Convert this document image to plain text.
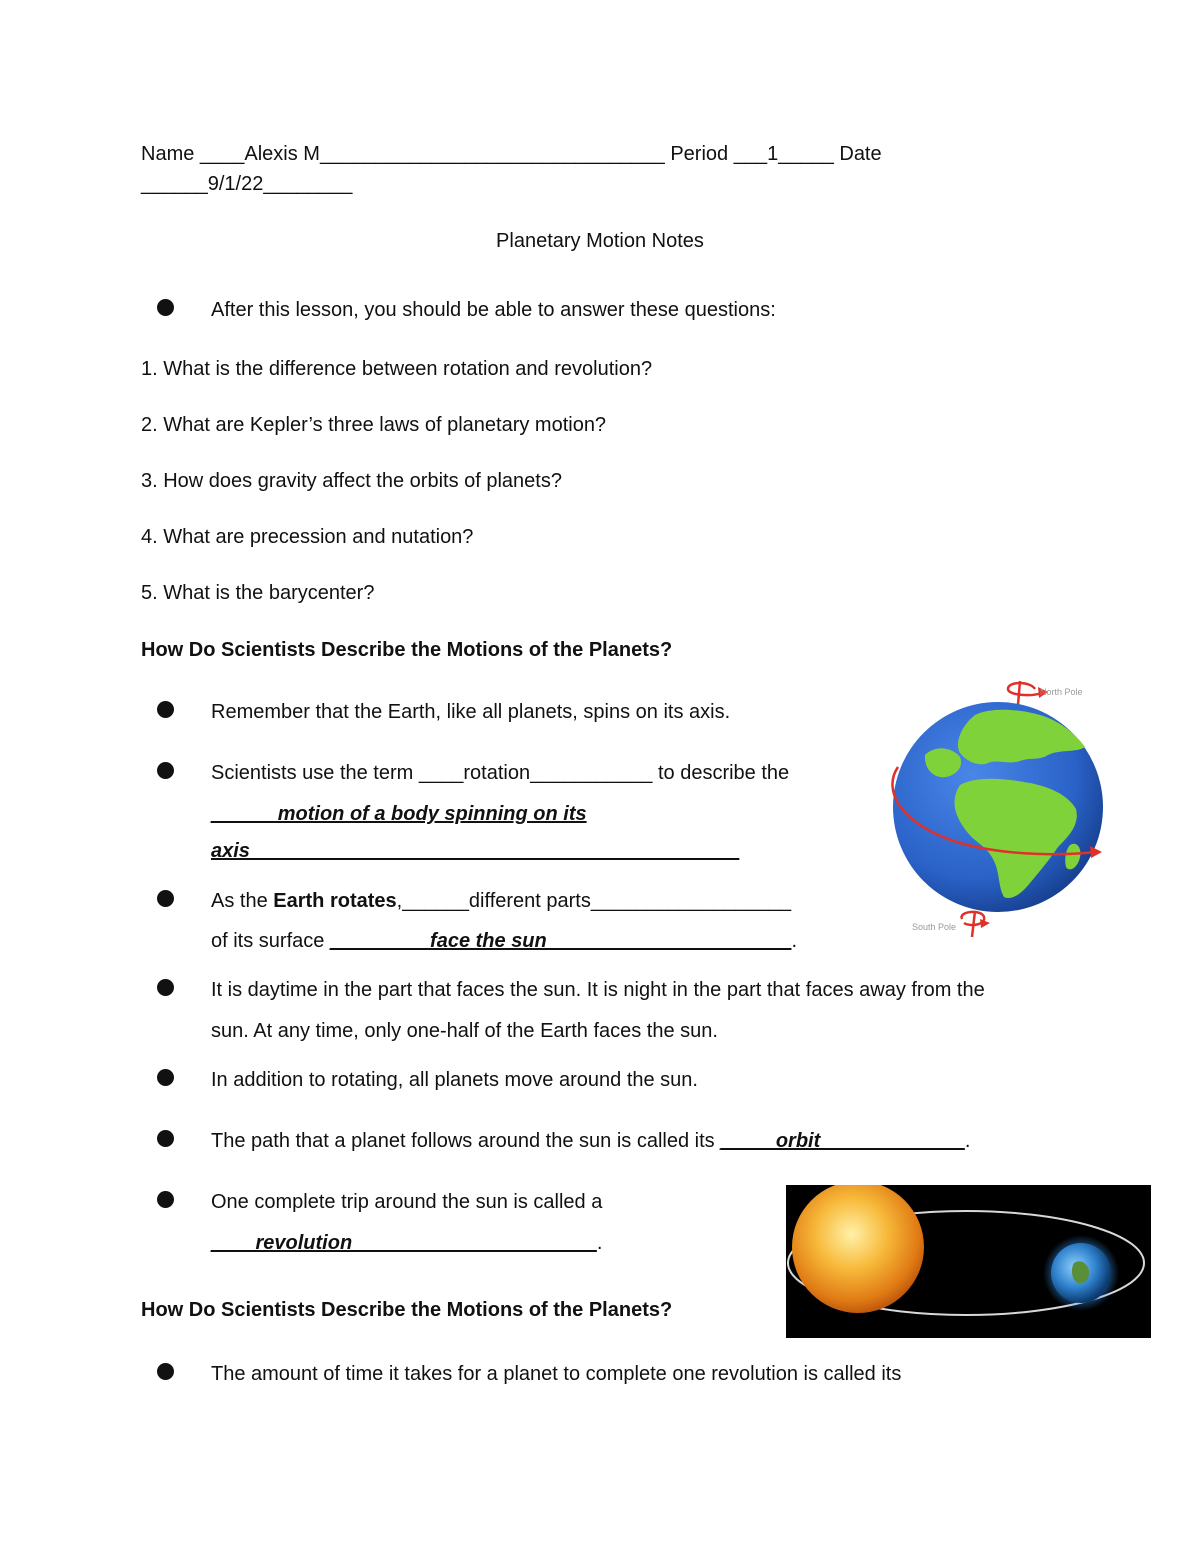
Name ____Alexis M_______________________________ Period ___1_____ Date
______9/1/22________
Planetary Motion Notes
After this lesson, you should be able to answer these questions:
1. What is the difference between rotation and revolution?
2. What are Kepler’s three laws of planetary motion?
3. How does gravity affect the orbits of planets?
4. What are precession and nutation?
5. What is the barycenter?
How Do Scientists Describe the Motions of the Planets?
Remember that the Earth, like all planets, spins on its axis.
Scientists use the term ____rotation___________ to describe the
______motion of a body spinning on its
axis____________________________________________
As the Earth rotates,______different parts__________________
of its surface _________face the sun______________________.
It is daytime in the part that faces the sun. It is night in the part that faces away from the
sun. At any time, only one-half of the Earth faces the sun.
In addition to rotating, all planets move around the sun.
The path that a planet follows around the sun is called its _____orbit_____________.
One complete trip around the sun is called a
____revolution______________________.
How Do Scientists Describe the Motions of the Planets?
The amount of time it takes for a planet to complete one revolution is called its
North Pole
South Pole
